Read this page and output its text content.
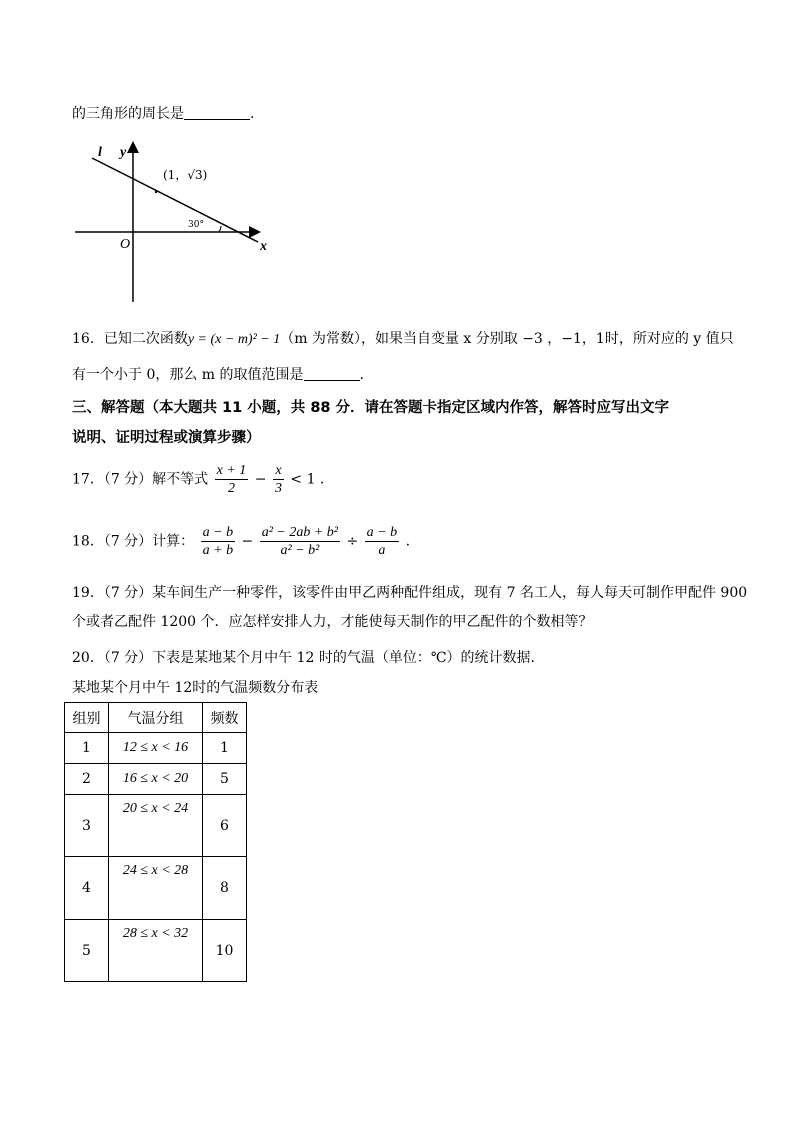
的三角形的周长是	.
l y
x
O
(1，√3)
30°
16．已知二次函数y = (x − m)² − 1（m 为常数），如果当自变量 x 分别取 −3 ，−1，1时，所对应的 y 值只
有一个小于 0，那么 m 的取值范围是	.
三、解答题（本大题共 11 小题，共 88 分．请在答题卡指定区域内作答，解答时应写出文字
说明、证明过程或演算步骤）
17．（7 分）解不等式 $\frac{x + 1}{2} - \frac{x}{3} < 1$ .
18．（7 分）计算： $\frac{a - b}{a + b} - \frac{\text{a² − 2ab + b²}}{\text{a² − b²}} \div \frac{a - b}{a}$ .
19．（7 分）某车间生产一种零件，该零件由甲乙两种配件组成，现有 7 名工人，每人每天可制作甲配件 900
个或者乙配件 1200 个．应怎样安排人力，才能使每天制作的甲乙配件的个数相等？
20．（7 分）下表是某地某个月中午 12 时的气温（单位：℃）的统计数据．
某地某个月中午 12时的气温频数分布表
组别	气温分组	频数
1	12 ≤ x < 16	1
2	16 ≤ x < 20	5
3	20 ≤ x < 24	6
4	24 ≤ x < 28	8
5	28 ≤ x < 32	10
